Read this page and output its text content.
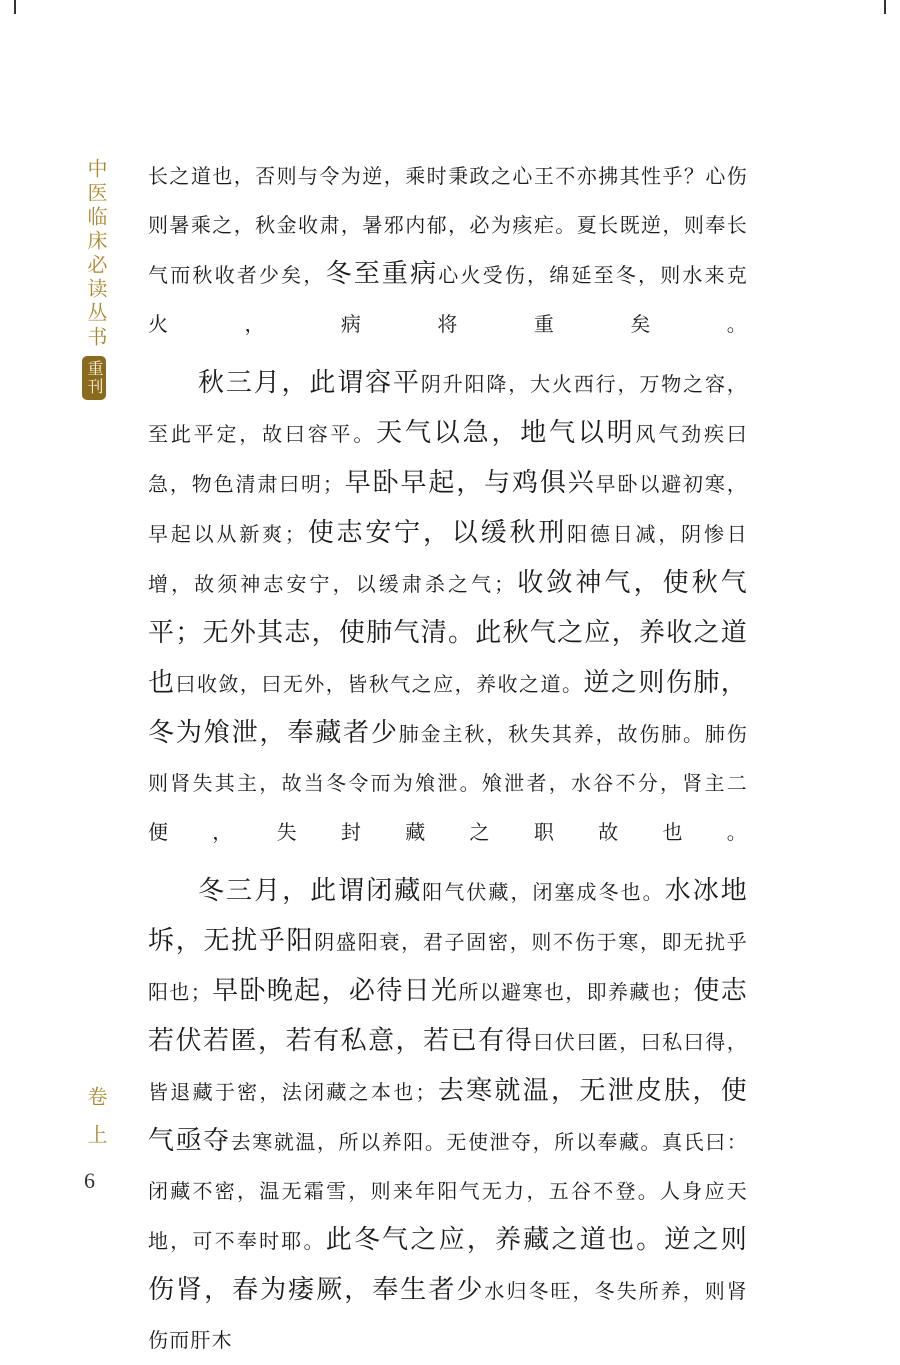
中医临床必读丛书
重刊
卷上
6

长之道也，否则与令为逆，乘时秉政之心王不亦拂其性乎？心伤则暑乘之，秋金收肃，暑邪内郁，必为痎疟。夏长既逆，则奉长气而秋收者少矣，冬至重病心火受伤，绵延至冬，则水来克火，病将重矣。

秋三月，此谓容平阴升阳降，大火西行，万物之容，至此平定，故曰容平。天气以急，地气以明风气劲疾曰急，物色清肃曰明；早卧早起，与鸡俱兴早卧以避初寒，早起以从新爽；使志安宁，以缓秋刑阳德日减，阴惨日增，故须神志安宁，以缓肃杀之气；收敛神气，使秋气平；无外其志，使肺气清。此秋气之应，养收之道也曰收敛，曰无外，皆秋气之应，养收之道。逆之则伤肺，冬为飧泄，奉藏者少肺金主秋，秋失其养，故伤肺。肺伤则肾失其主，故当冬令而为飧泄。飧泄者，水谷不分，肾主二便，失封藏之职故也。

冬三月，此谓闭藏阳气伏藏，闭塞成冬也。水冰地坼，无扰乎阳阴盛阳衰，君子固密，则不伤于寒，即无扰乎阳也；早卧晚起，必待日光所以避寒也，即养藏也；使志若伏若匿，若有私意，若已有得曰伏曰匿，曰私曰得，皆退藏于密，法闭藏之本也；去寒就温，无泄皮肤，使气亟夺去寒就温，所以养阳。无使泄夺，所以奉藏。真氏曰：闭藏不密，温无霜雪，则来年阳气无力，五谷不登。人身应天地，可不奉时耶。此冬气之应，养藏之道也。逆之则伤肾，春为痿厥，奉生者少水归冬旺，冬失所养，则肾伤而肝木
